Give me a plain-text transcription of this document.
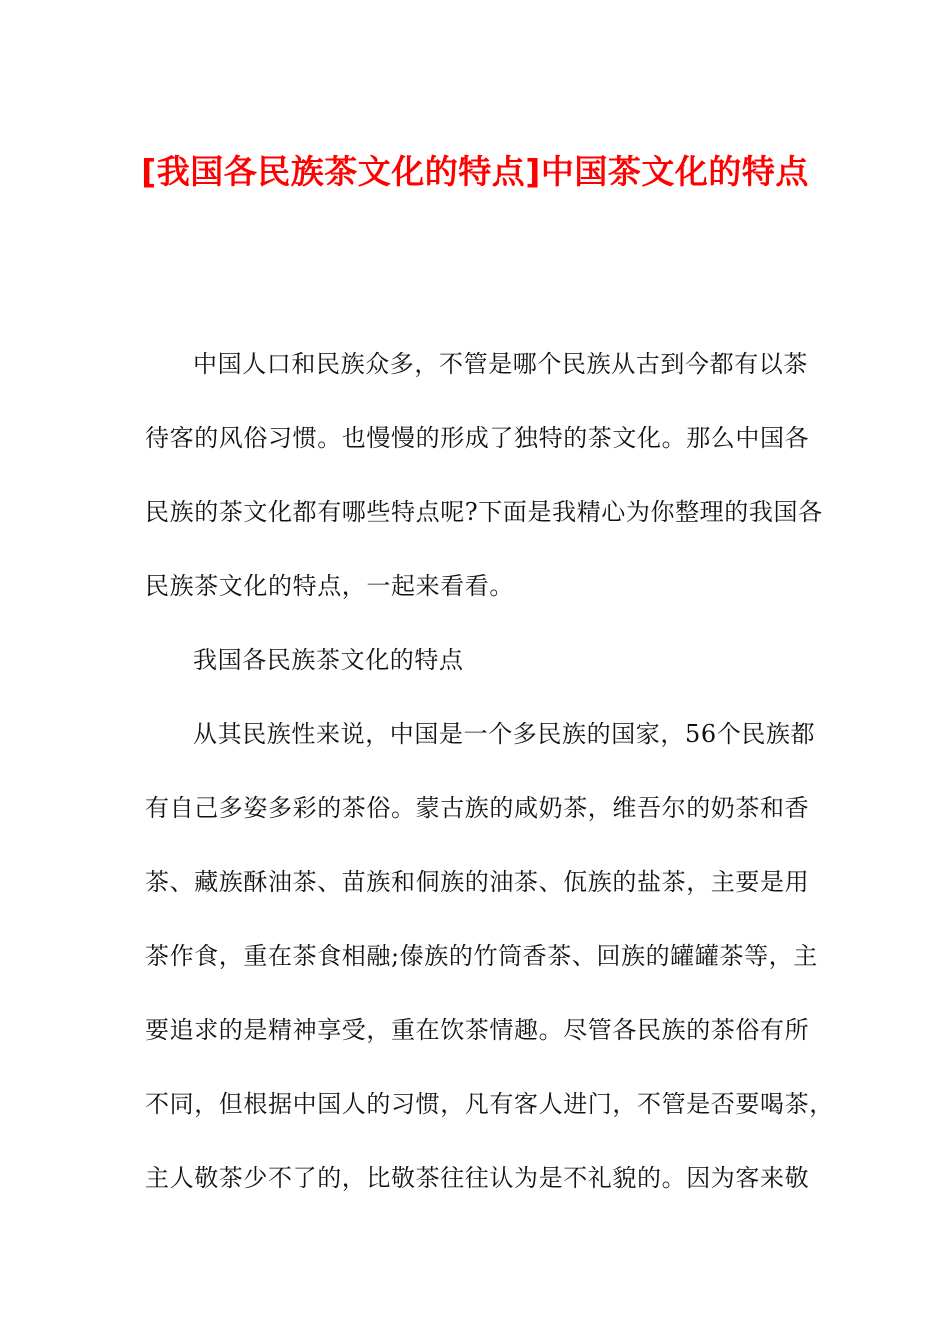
[我国各民族茶文化的特点]中国茶文化的特点

中国人口和民族众多，不管是哪个民族从古到今都有以茶
待客的风俗习惯。也慢慢的形成了独特的茶文化。那么中国各
民族的茶文化都有哪些特点呢?下面是我精心为你整理的我国各
民族茶文化的特点，一起来看看。

我国各民族茶文化的特点

从其民族性来说，中国是一个多民族的国家，56个民族都
有自己多姿多彩的茶俗。蒙古族的咸奶茶，维吾尔的奶茶和香
茶、藏族酥油茶、苗族和侗族的油茶、佤族的盐茶，主要是用
茶作食，重在茶食相融;傣族的竹筒香茶、回族的罐罐茶等，主
要追求的是精神享受，重在饮茶情趣。尽管各民族的茶俗有所
不同，但根据中国人的习惯，凡有客人进门，不管是否要喝茶，
主人敬茶少不了的，比敬茶往往认为是不礼貌的。因为客来敬
